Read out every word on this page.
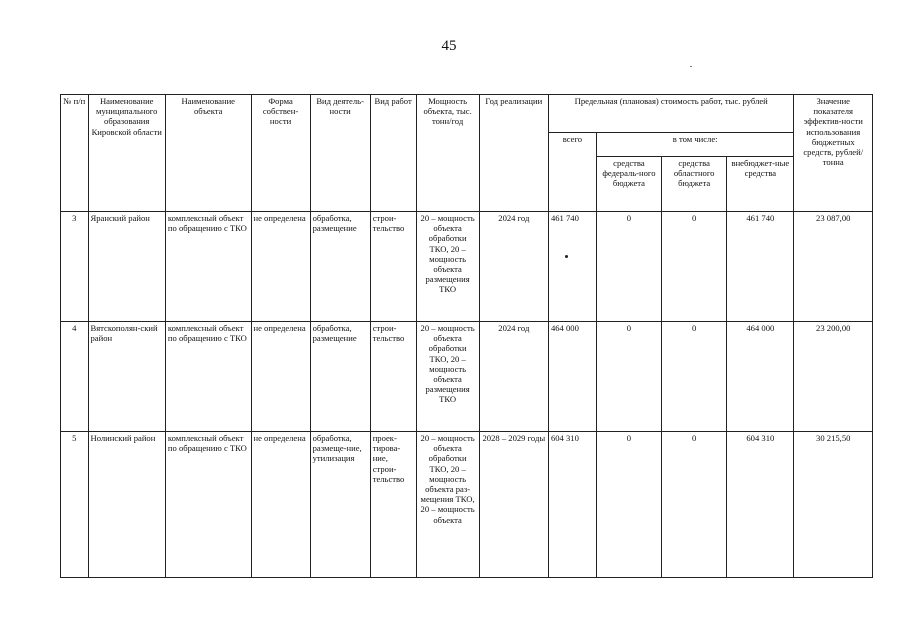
45
№ п/п	Наименование муниципального образования Кировской области	Наименование объекта	Форма собствен-ности	Вид деятель-ности	Вид работ	Мощность объекта, тыс. тонн/год	Год реализации	Предельная (плановая) стоимость работ, тыс. рублей				Значение показателя эффектив-ности использования бюджетных средств, рублей/тонна
								всего	в том числе:			
									средства федераль-ного бюджета	средства областного бюджета	внебюджет-ные средства	
3	Яранский район	комплексный объект по обращению с ТКО	не определена	обработка, размещение	строи-тельство	20 – мощность объекта обработки ТКО, 20 – мощность объекта размещения ТКО	2024 год	461 740	0	0	461 740	23 087,00
4	Вятскополян-ский район	комплексный объект по обращению с ТКО	не определена	обработка, размещение	строи-тельство	20 – мощность объекта обработки ТКО, 20 – мощность объекта размещения ТКО	2024 год	464 000	0	0	464 000	23 200,00
5	Нолинский район	комплексный объект по обращению с ТКО	не определена	обработка, размеще-ние, утилизация	проек-тирова-ние, строи-тельство	20 – мощность объекта обработки ТКО, 20 – мощность объекта раз-мещения ТКО, 20 – мощность объекта	2028 – 2029 годы	604 310	0	0	604 310	30 215,50
